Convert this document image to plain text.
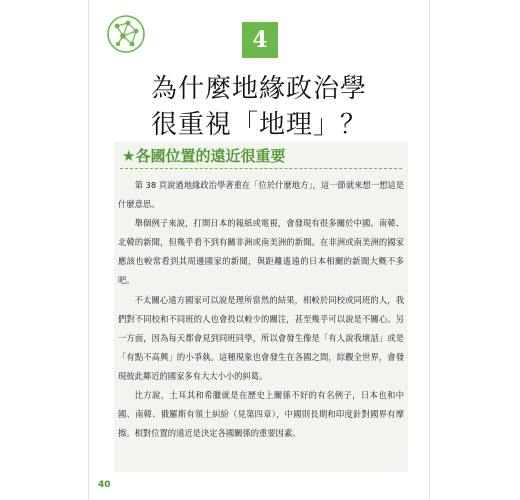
4
為什麼地緣政治學
很重視「地理」？
★各國位置的遠近很重要

第 38 頁說過地緣政治學著重在「位於什麼地方」，這一節就來想一想這是什麼意思。

舉個例子來說，打開日本的報紙或電視，會發現有很多關於中國、南韓、北韓的新聞，但幾乎看不到有關非洲或南美洲的新聞。在非洲或南美洲的國家應該也較常看到其周邊國家的新聞，與距離遙遠的日本相關的新聞大概不多吧。

不太關心遠方國家可以說是理所當然的結果，相較於同校或同班的人，我們對不同校和不同班的人也會投以較少的關注，甚至幾乎可以說是不關心。另一方面，因為每天都會見到同班同學，所以會發生像是「有人說我壞話」或是「有點不高興」的小爭執。這種現象也會發生在各國之間，綜觀全世界，會發現彼此鄰近的國家多有大大小小的糾葛。

比方說，土耳其和希臘就是在歷史上關係不好的有名例子，日本也和中國、南韓、俄羅斯有領土糾紛（見第四章），中國則長期和印度針對國界有摩擦。相對位置的遠近是決定各國關係的重要因素。

40
